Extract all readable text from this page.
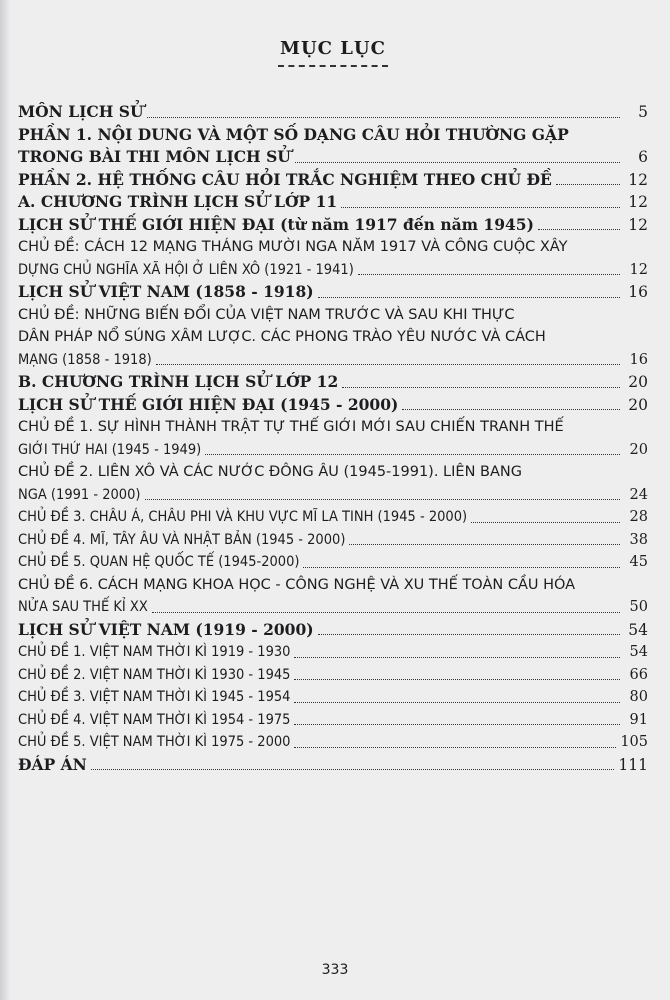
MỤC LỤC
MÔN LỊCH SỬ	5
PHẦN 1. NỘI DUNG VÀ MỘT SỐ DẠNG CÂU HỎI THƯỜNG GẶP
TRONG BÀI THI MÔN LỊCH SỬ	6
PHẦN 2. HỆ THỐNG CÂU HỎI TRẮC NGHIỆM THEO CHỦ ĐỀ	12
A. CHƯƠNG TRÌNH LỊCH SỬ LỚP 11	12
LỊCH SỬ THẾ GIỚI HIỆN ĐẠI (từ năm 1917 đến năm 1945)	12
CHỦ ĐỀ: CÁCH 12 MẠNG THÁNG MƯỜI NGA NĂM 1917 VÀ CÔNG CUỘC XÂY
DỰNG CHỦ NGHĨA XÃ HỘI Ở LIÊN XÔ (1921 - 1941)	12
LỊCH SỬ VIỆT NAM (1858 - 1918)	16
CHỦ ĐỀ: NHỮNG BIẾN ĐỔI CỦA VIỆT NAM TRƯỚC VÀ SAU KHI THỰC
DÂN PHÁP NỔ SÚNG XÂM LƯỢC. CÁC PHONG TRÀO YÊU NƯỚC VÀ CÁCH
MẠNG (1858 - 1918)	16
B. CHƯƠNG TRÌNH LỊCH SỬ LỚP 12	20
LỊCH SỬ THẾ GIỚI HIỆN ĐẠI (1945 - 2000)	20
CHỦ ĐỀ 1. SỰ HÌNH THÀNH TRẬT TỰ THẾ GIỚI MỚI SAU CHIẾN TRANH THẾ
GIỚI THỨ HAI (1945 - 1949)	20
CHỦ ĐỀ 2. LIÊN XÔ VÀ CÁC NƯỚC ĐÔNG ÂU (1945-1991). LIÊN BANG
NGA (1991 - 2000)	24
CHỦ ĐỀ 3. CHÂU Á, CHÂU PHI VÀ KHU VỰC MĨ LA TINH (1945 - 2000)	28
CHỦ ĐỀ 4. MĨ, TÂY ÂU VÀ NHẬT BẢN (1945 - 2000)	38
CHỦ ĐỀ 5. QUAN HỆ QUỐC TẾ (1945-2000)	45
CHỦ ĐỀ 6. CÁCH MẠNG KHOA HỌC - CÔNG NGHỆ VÀ XU THẾ TOÀN CẦU HÓA
NỬA SAU THẾ KỈ XX	50
LỊCH SỬ VIỆT NAM (1919 - 2000)	54
CHỦ ĐỀ 1. VIỆT NAM THỜI KÌ 1919 - 1930	54
CHỦ ĐỀ 2. VIỆT NAM THỜI KÌ 1930 - 1945	66
CHỦ ĐỀ 3. VIỆT NAM THỜI KÌ 1945 - 1954	80
CHỦ ĐỀ 4. VIỆT NAM THỜI KÌ 1954 - 1975	91
CHỦ ĐỀ 5. VIỆT NAM THỜI KÌ 1975 - 2000	105
ĐÁP ÁN	111
333
